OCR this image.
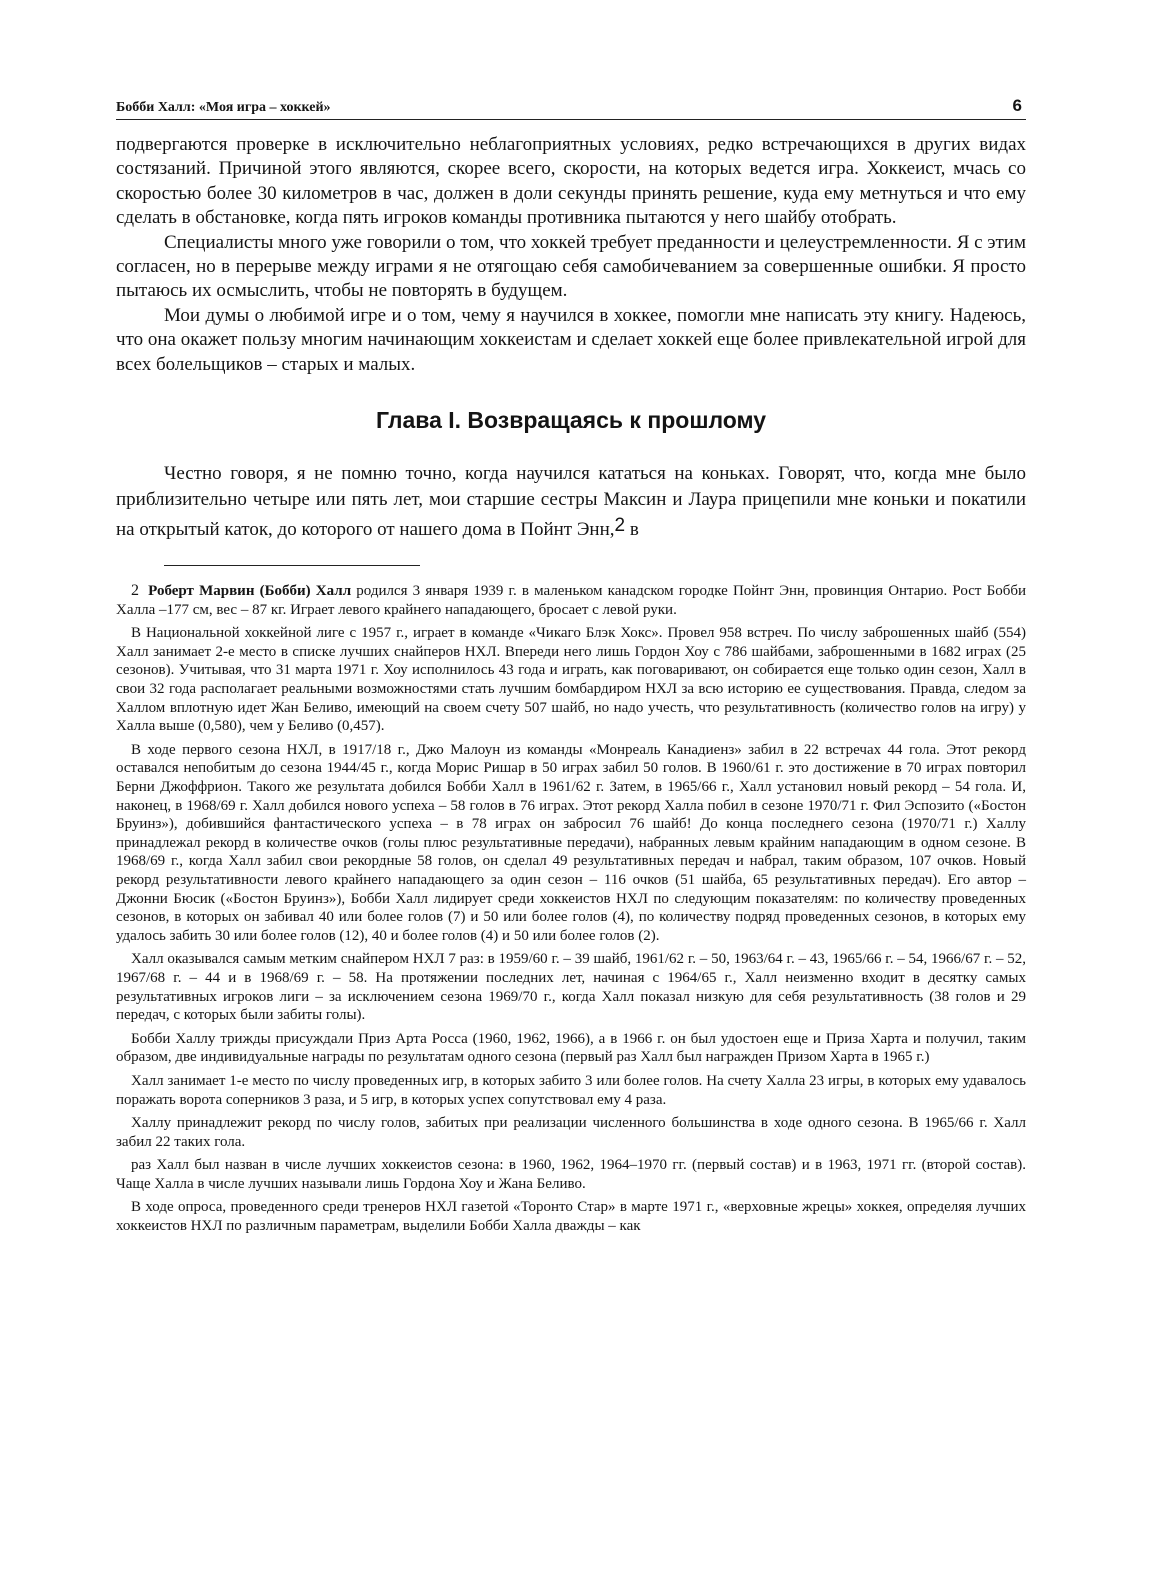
Бобби Халл: «Моя игра – хоккей»	6

подвергаются проверке в исключительно неблагоприятных условиях, редко встречающихся в других видах состязаний. Причиной этого являются, скорее всего, скорости, на которых ведется игра. Хоккеист, мчась со скоростью более 30 километров в час, должен в доли секунды принять решение, куда ему метнуться и что ему сделать в обстановке, когда пять игроков команды противника пытаются у него шайбу отобрать.

Специалисты много уже говорили о том, что хоккей требует преданности и целеустремленности. Я с этим согласен, но в перерыве между играми я не отягощаю себя самобичеванием за совершенные ошибки. Я просто пытаюсь их осмыслить, чтобы не повторять в будущем.

Мои думы о любимой игре и о том, чему я научился в хоккее, помогли мне написать эту книгу. Надеюсь, что она окажет пользу многим начинающим хоккеистам и сделает хоккей еще более привлекательной игрой для всех болельщиков – старых и малых.

Глава I. Возвращаясь к прошлому

Честно говоря, я не помню точно, когда научился кататься на коньках. Говорят, что, когда мне было приблизительно четыре или пять лет, мои старшие сестры Максин и Лаура прицепили мне коньки и покатили на открытый каток, до которого от нашего дома в Пойнт Энн,2 в

2 Роберт Марвин (Бобби) Халл родился 3 января 1939 г. в маленьком канадском городке Пойнт Энн, провинция Онтарио. Рост Бобби Халла –177 см, вес – 87 кг. Играет левого крайнего нападающего, бросает с левой руки.

В Национальной хоккейной лиге с 1957 г., играет в команде «Чикаго Блэк Хокс». Провел 958 встреч. По числу заброшенных шайб (554) Халл занимает 2-е место в списке лучших снайперов НХЛ. Впереди него лишь Гордон Хоу с 786 шайбами, заброшенными в 1682 играх (25 сезонов). Учитывая, что 31 марта 1971 г. Хоу исполнилось 43 года и играть, как поговаривают, он собирается еще только один сезон, Халл в свои 32 года располагает реальными возможностями стать лучшим бомбардиром НХЛ за всю историю ее существования. Правда, следом за Халлом вплотную идет Жан Беливо, имеющий на своем счету 507 шайб, но надо учесть, что результативность (количество голов на игру) у Халла выше (0,580), чем у Беливо (0,457).

В ходе первого сезона НХЛ, в 1917/18 г., Джо Малоун из команды «Монреаль Канадиенз» забил в 22 встречах 44 гола. Этот рекорд оставался непобитым до сезона 1944/45 г., когда Морис Ришар в 50 играх забил 50 голов. В 1960/61 г. это достижение в 70 играх повторил Берни Джоффрион. Такого же результата добился Бобби Халл в 1961/62 г. Затем, в 1965/66 г., Халл установил новый рекорд – 54 гола. И, наконец, в 1968/69 г. Халл добился нового успеха – 58 голов в 76 играх. Этот рекорд Халла побил в сезоне 1970/71 г. Фил Эспозито («Бостон Бруинз»), добившийся фантастического успеха – в 78 играх он забросил 76 шайб! До конца последнего сезона (1970/71 г.) Халлу принадлежал рекорд в количестве очков (голы плюс результативные передачи), набранных левым крайним нападающим в одном сезоне. В 1968/69 г., когда Халл забил свои рекордные 58 голов, он сделал 49 результативных передач и набрал, таким образом, 107 очков. Новый рекорд результативности левого крайнего нападающего за один сезон – 116 очков (51 шайба, 65 результативных передач). Его автор – Джонни Бюсик («Бостон Бруинз»), Бобби Халл лидирует среди хоккеистов НХЛ по следующим показателям: по количеству проведенных сезонов, в которых он забивал 40 или более голов (7) и 50 или более голов (4), по количеству подряд проведенных сезонов, в которых ему удалось забить 30 или более голов (12), 40 и более голов (4) и 50 или более голов (2).

Халл оказывался самым метким снайпером НХЛ 7 раз: в 1959/60 г. – 39 шайб, 1961/62 г. – 50, 1963/64 г. – 43, 1965/66 г. – 54, 1966/67 г. – 52, 1967/68 г. – 44 и в 1968/69 г. – 58. На протяжении последних лет, начиная с 1964/65 г., Халл неизменно входит в десятку самых результативных игроков лиги – за исключением сезона 1969/70 г., когда Халл показал низкую для себя результативность (38 голов и 29 передач, с которых были забиты голы).

Бобби Халлу трижды присуждали Приз Арта Росса (1960, 1962, 1966), а в 1966 г. он был удостоен еще и Приза Харта и получил, таким образом, две индивидуальные награды по результатам одного сезона (первый раз Халл был награжден Призом Харта в 1965 г.)

Халл занимает 1-е место по числу проведенных игр, в которых забито 3 или более голов. На счету Халла 23 игры, в которых ему удавалось поражать ворота соперников 3 раза, и 5 игр, в которых успех сопутствовал ему 4 раза.

Халлу принадлежит рекорд по числу голов, забитых при реализации численного большинства в ходе одного сезона. В 1965/66 г. Халл забил 22 таких гола.

раз Халл был назван в числе лучших хоккеистов сезона: в 1960, 1962, 1964–1970 гг. (первый состав) и в 1963, 1971 гг. (второй состав). Чаще Халла в числе лучших называли лишь Гордона Хоу и Жана Беливо.

В ходе опроса, проведенного среди тренеров НХЛ газетой «Торонто Стар» в марте 1971 г., «верховные жрецы» хоккея, определяя лучших хоккеистов НХЛ по различным параметрам, выделили Бобби Халла дважды – как
